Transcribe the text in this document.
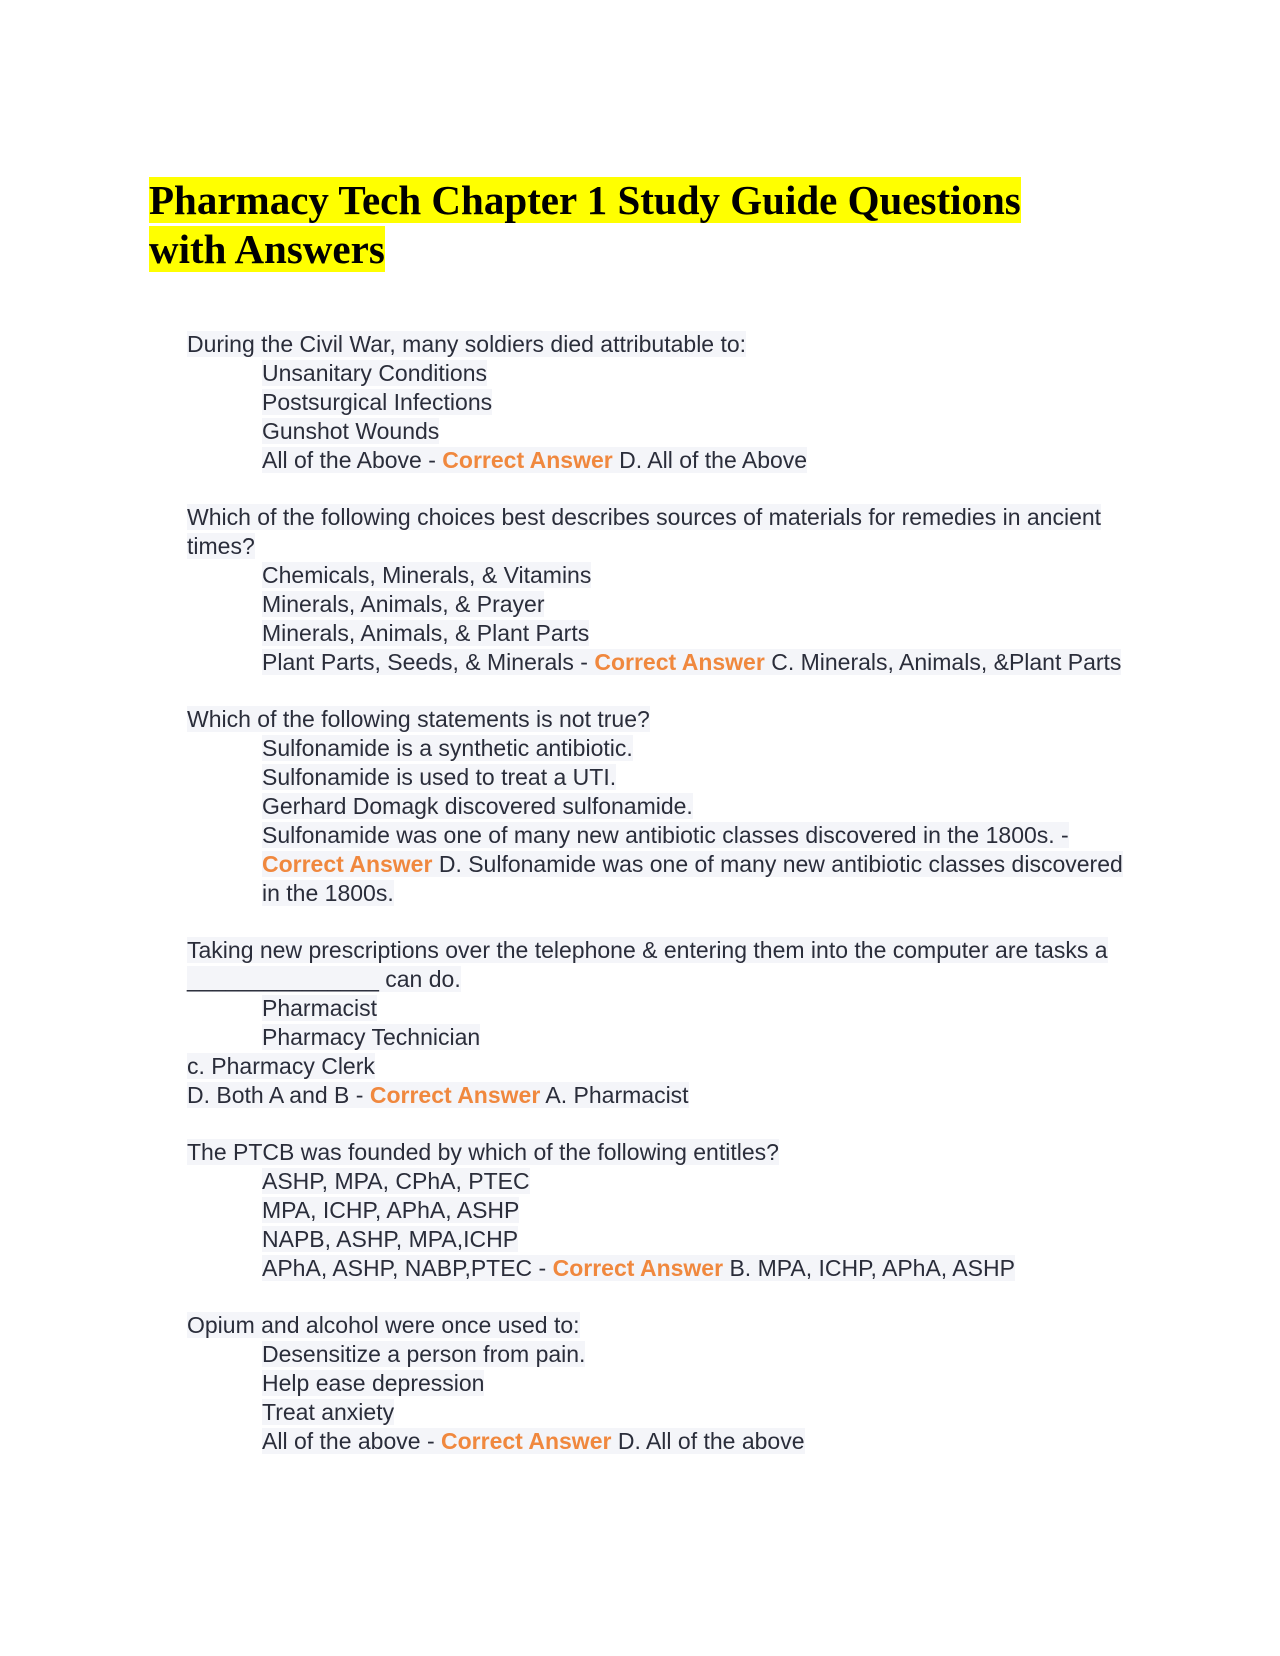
Pharmacy Tech Chapter 1 Study Guide Questions
with Answers
During the Civil War, many soldiers died attributable to:
Unsanitary Conditions
Postsurgical Infections
Gunshot Wounds
All of the Above - Correct Answer D. All of the Above
Which of the following choices best describes sources of materials for remedies in ancient times?
Chemicals, Minerals, & Vitamins
Minerals, Animals, & Prayer
Minerals, Animals, & Plant Parts
Plant Parts, Seeds, & Minerals - Correct Answer C. Minerals, Animals, &Plant Parts
Which of the following statements is not true?
Sulfonamide is a synthetic antibiotic.
Sulfonamide is used to treat a UTI.
Gerhard Domagk discovered sulfonamide.
Sulfonamide was one of many new antibiotic classes discovered in the 1800s. - Correct Answer D. Sulfonamide was one of many new antibiotic classes discovered in the 1800s.
Taking new prescriptions over the telephone & entering them into the computer are tasks a _______________ can do.
Pharmacist
Pharmacy Technician
c. Pharmacy Clerk
D. Both A and B - Correct Answer A. Pharmacist
The PTCB was founded by which of the following entitles?
ASHP, MPA, CPhA, PTEC
MPA, ICHP, APhA, ASHP
NAPB, ASHP, MPA,ICHP
APhA, ASHP, NABP,PTEC - Correct Answer B. MPA, ICHP, APhA, ASHP
Opium and alcohol were once used to:
Desensitize a person from pain.
Help ease depression
Treat anxiety
All of the above - Correct Answer D. All of the above
